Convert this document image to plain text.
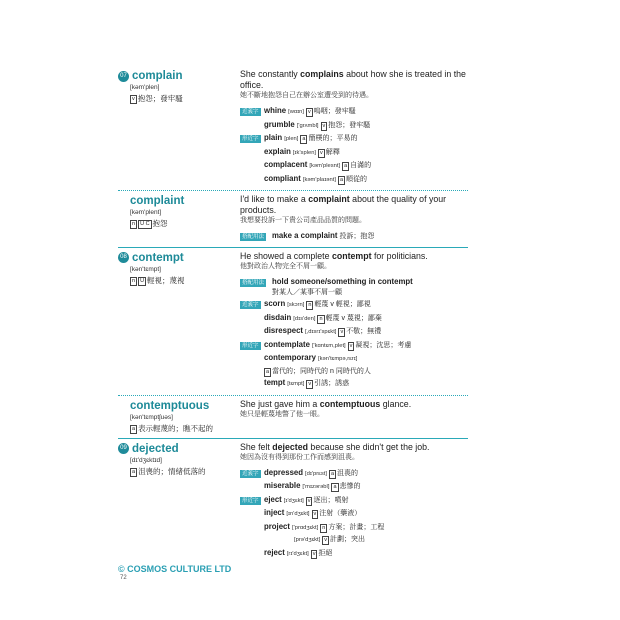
07 complain
[kəm'plen]
v 抱怨；發牢騷
She constantly complains about how she is treated in the office.
她不斷地抱怨自己在辦公室遭受到的待遇。
近義字 whine [wɑɪn] v 嗚咽；發牢騷
grumble ['grʌmbl] v 抱怨；發牢騷
形近字 plain [plen] a 簡樸的；平易的
explain [ɪk'splen] v 解釋
complacent [kəm'plesnt] a 自滿的
compliant [kəm'plaɪənt] a 順從的
complaint
[kəm'plent]
n U C 抱怨
I'd like to make a complaint about the quality of your products.
我想要投訴一下貴公司產品品質的問題。
搭配用法	make a complaint 投訴；抱怨
08 contempt
[kən'tɛmpt]
n U 輕視；蔑視
He showed a complete contempt for politicians.
他對政治人物完全不屑一顧。
搭配用法	hold someone/something in contempt
對某人／某事不屑一顧
近義字 scorn [skɔrn] n 輕蔑 v 輕視；鄙視
disdain [dɪs'den] n 輕蔑 v 蔑視；鄙棄
disrespect [,dɪsrɪ'spɛkt] v 不敬；無禮
形近字 contemplate ['kɑntɛm,plet] v 凝視；沈思；考慮
contemporary [kən'tɛmpə,rɛrɪ]
a 當代的；同時代的 n 同時代的人
tempt [tɛmpt] v 引誘；誘惑
contemptuous
[kən'tɛmptʃuəs]
a 表示輕蔑的；瞧不起的
She just gave him a contemptuous glance.
她只是輕蔑地瞥了他一眼。
09 dejected
[dɪ'dʒɛktɪd]
a 沮喪的；情緒低落的
She felt dejected because she didn't get the job.
她因為沒有得到那份工作而感到沮喪。
近義字 depressed [dɪ'prɛst] a 沮喪的
miserable ['mɪzərəbl] a 悲慘的
形近字 eject [ɪ'dʒɛkt] v 逐出；噴射
inject [ɪn'dʒɛkt] v 注射（藥液）
project ['prɑdʒɛkt] n 方案；計畫；工程
[prə'dʒɛkt] v 計劃；突出
reject [rɪ'dʒɛkt] v 拒絕
© COSMOS CULTURE LTD
72
